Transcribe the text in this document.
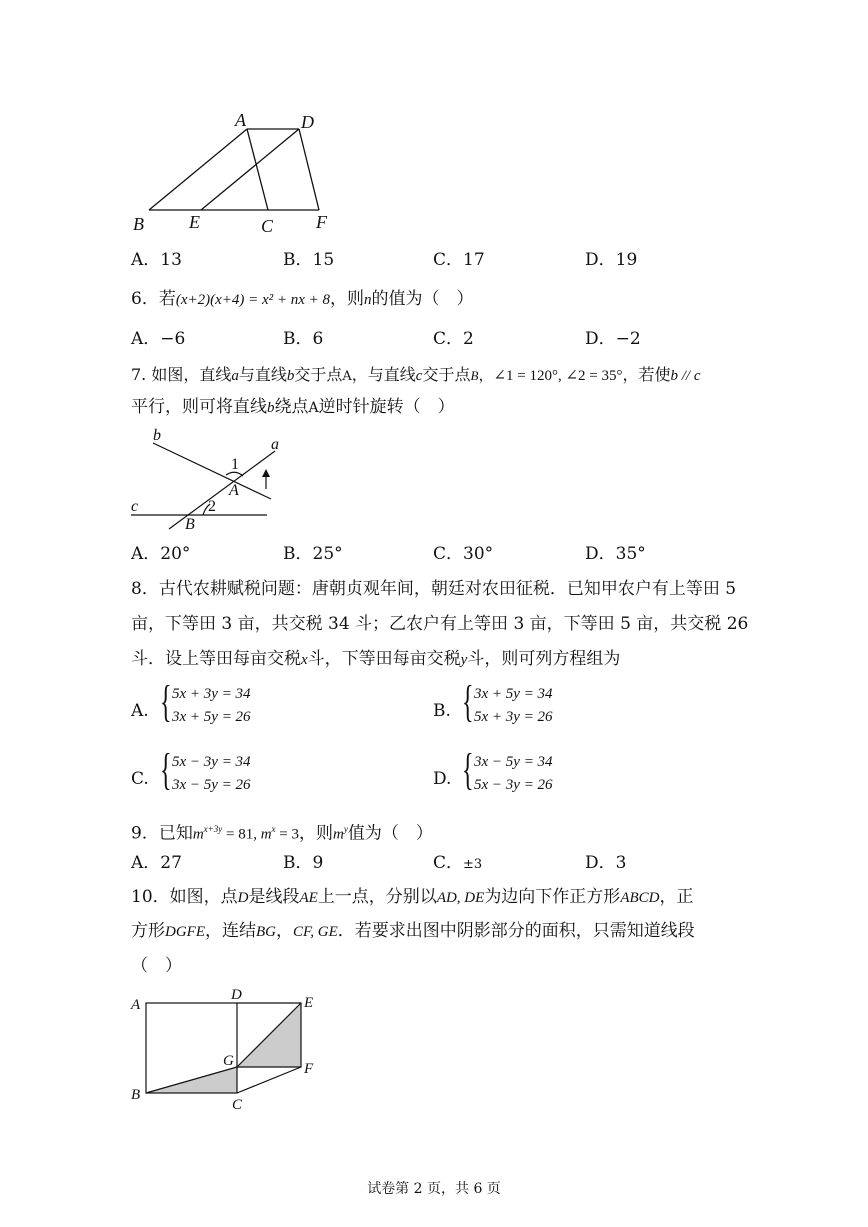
A	D
B	E	C F
A．13	B．15	C．17	D．19
6．若(x+2)(x+4) = x² + nx + 8，则n的值为（　）
A．−6	B．6	C．2	D．−2
7. 如图，直线a与直线b交于点A，与直线c交于点B，∠1 = 120°, ∠2 = 35°，若使b // c
平行，则可将直线b绕点A逆时针旋转（　）
b
a
1
A
c	2
B
A．20°	B．25°	C．30°	D．35°
8．古代农耕赋税问题：唐朝贞观年间，朝廷对农田征税．已知甲农户有上等田 5
亩，下等田 3 亩，共交税 34 斗；乙农户有上等田 3 亩，下等田 5 亩，共交税 26
斗．设上等田每亩交税x斗，下等田每亩交税y斗，则可列方程组为
A. { 5x + 3y = 34
3x + 5y = 26	B. { 3x + 5y = 34
5x + 3y = 26
C. { 5x − 3y = 34
3x − 5y = 26	D. { 3x − 5y = 34
5x − 3y = 26
9．已知$m^{x+3y} = 81$, $m^x = 3$，则$m^y$值为（　）
A．27	B．9	C．±3	D．3
10．如图，点D是线段AE上一点，分别以AD, DE为边向下作正方形ABCD，正
方形DGFE，连结BG，CF, GE．若要求出图中阴影部分的面积，只需知道线段
（　）
A
D	E
G	F
B
C
试卷第 2 页，共 6 页
